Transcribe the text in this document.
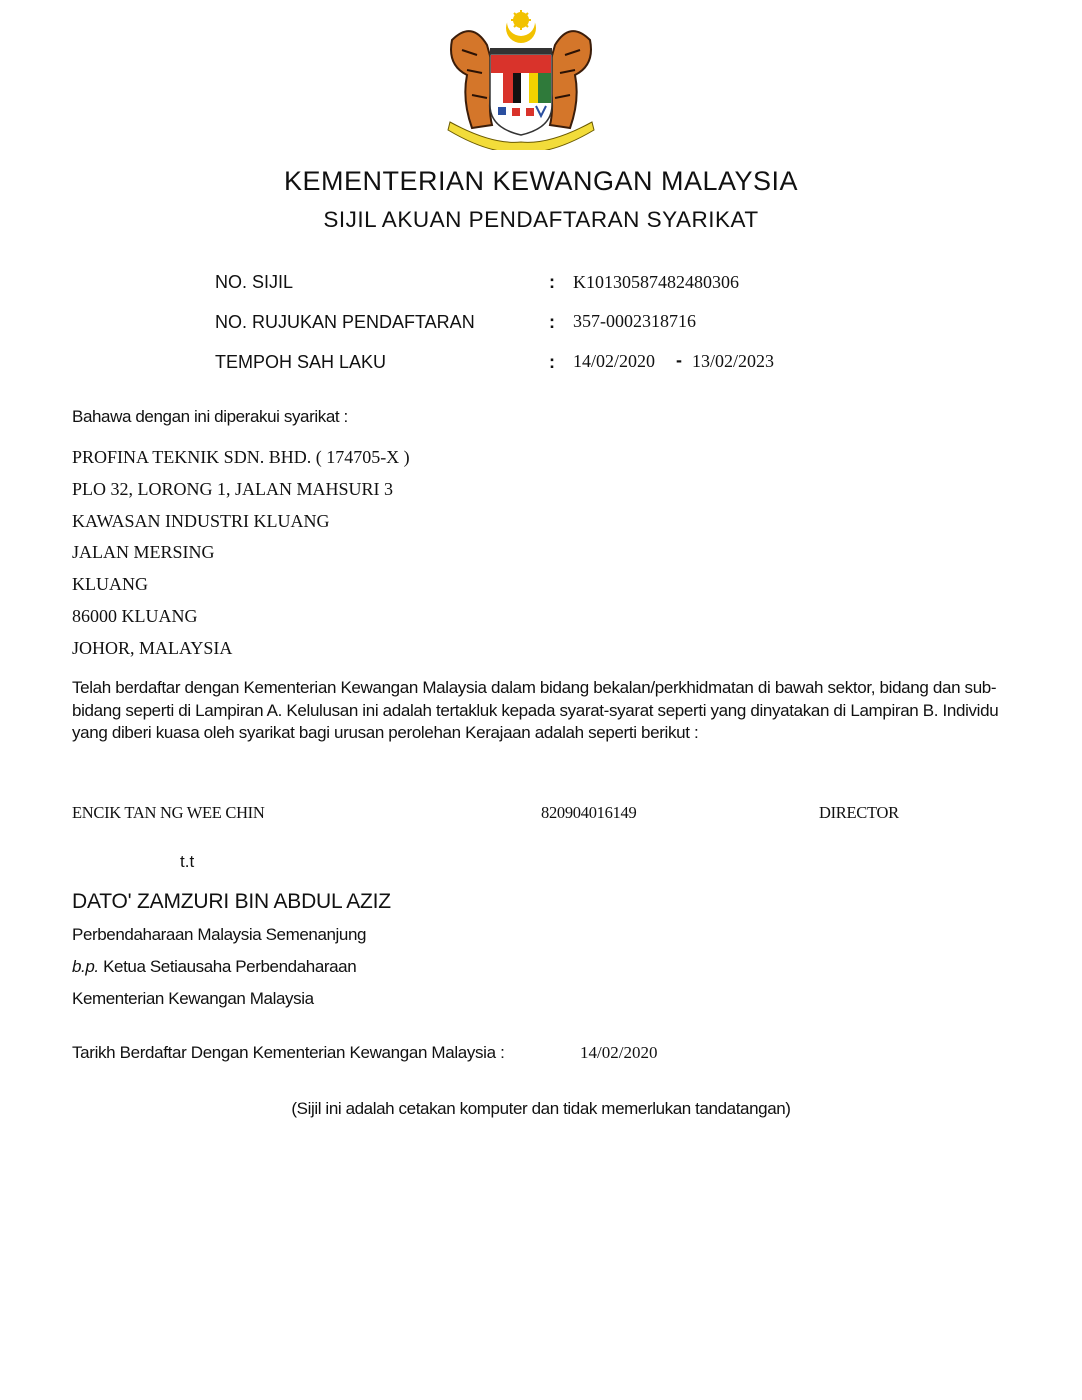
KEMENTERIAN KEWANGAN MALAYSIA
SIJIL AKUAN PENDAFTARAN SYARIKAT
NO. SIJIL	: K10130587482480306
NO. RUJUKAN PENDAFTARAN	: 357-0002318716
TEMPOH SAH LAKU	: 14/02/2020 - 13/02/2023
Bahawa dengan ini diperakui syarikat :
PROFINA TEKNIK SDN. BHD. ( 174705-X )
PLO 32, LORONG 1, JALAN MAHSURI 3
KAWASAN INDUSTRI KLUANG
JALAN MERSING
KLUANG
86000 KLUANG
JOHOR, MALAYSIA
Telah berdaftar dengan Kementerian Kewangan Malaysia dalam bidang bekalan/perkhidmatan di bawah sektor, bidang dan sub-bidang seperti di Lampiran A. Kelulusan ini adalah tertakluk kepada syarat-syarat seperti yang dinyatakan di Lampiran B. Individu yang diberi kuasa oleh syarikat bagi urusan perolehan Kerajaan adalah seperti berikut :
ENCIK TAN NG WEE CHIN	820904016149	DIRECTOR
t.t
DATO' ZAMZURI BIN ABDUL AZIZ
Perbendaharaan Malaysia Semenanjung
b.p. Ketua Setiausaha Perbendaharaan
Kementerian Kewangan Malaysia
Tarikh Berdaftar Dengan Kementerian Kewangan Malaysia :	14/02/2020
(Sijil ini adalah cetakan komputer dan tidak memerlukan tandatangan)
